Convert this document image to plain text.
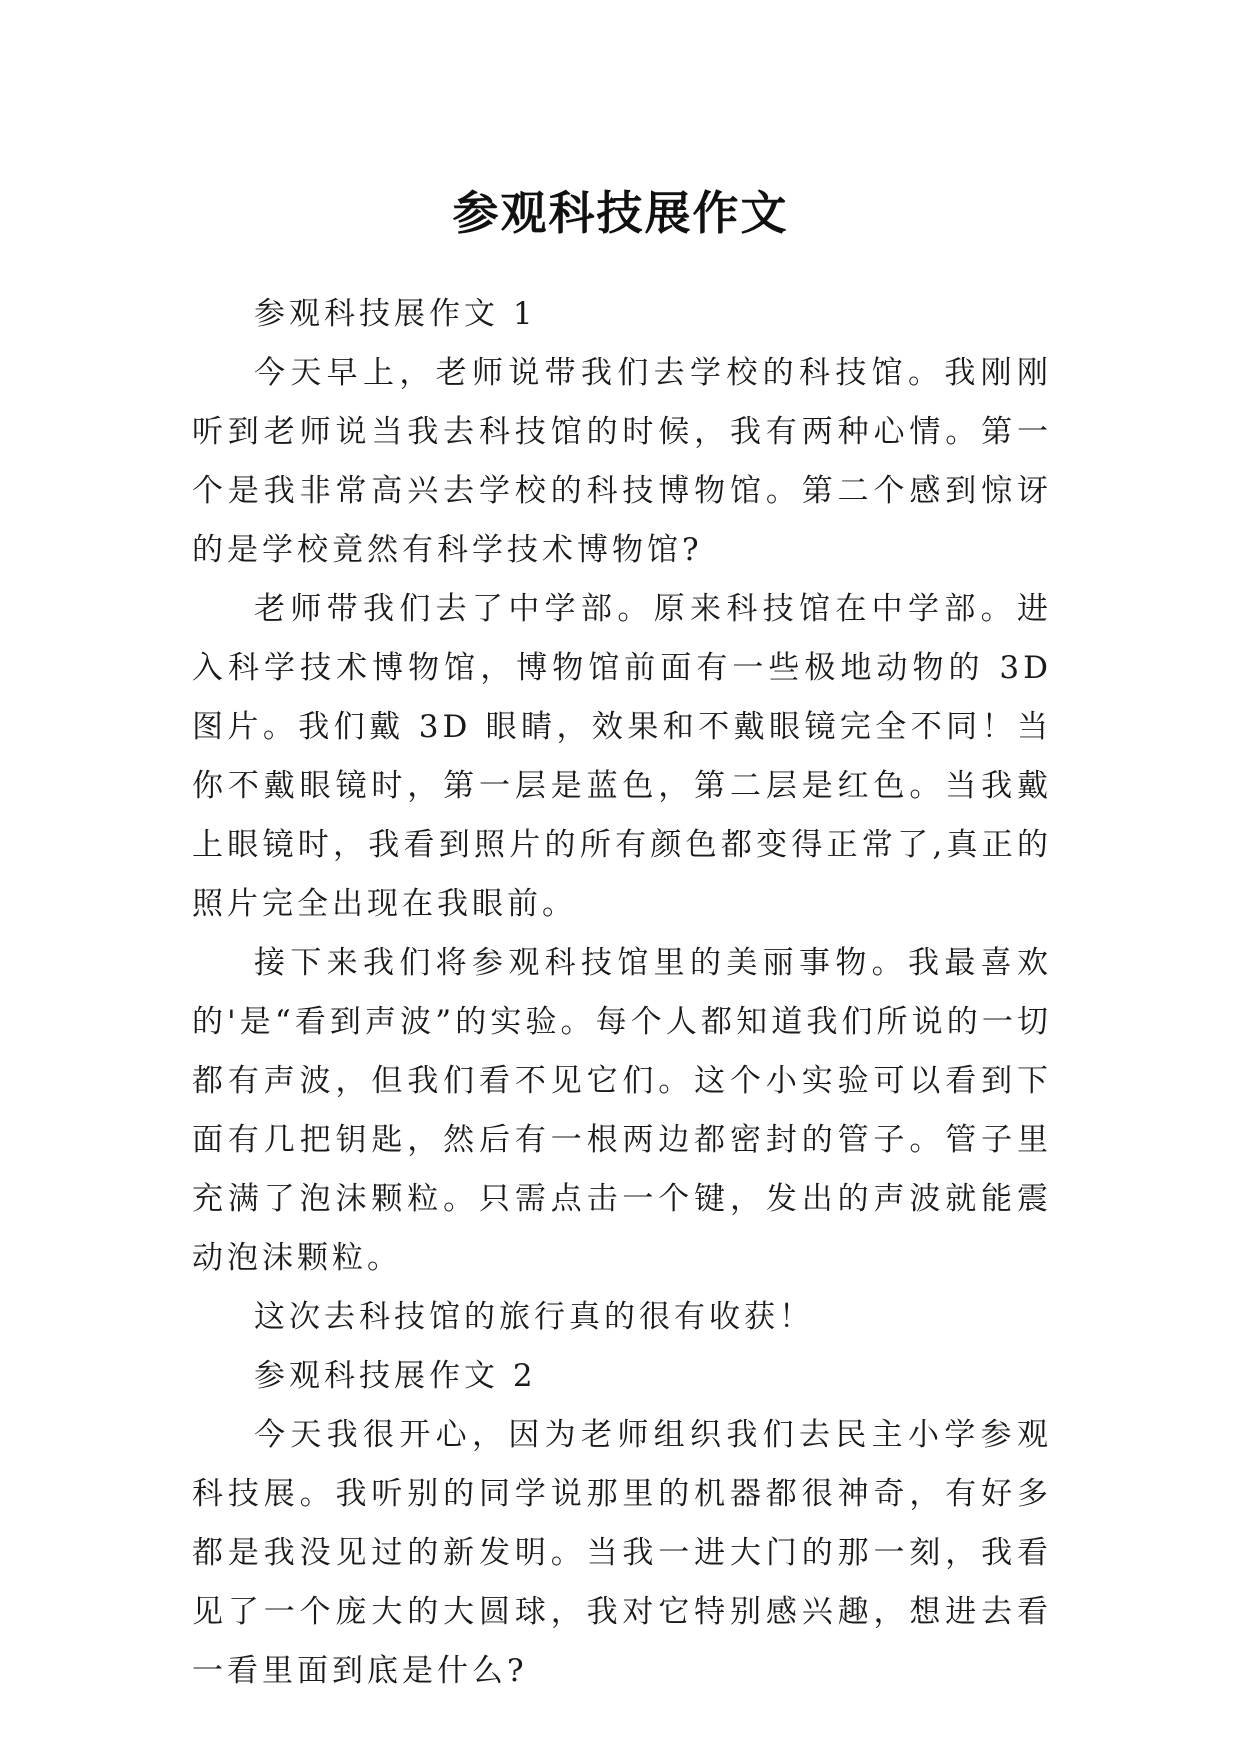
参观科技展作文

参观科技展作文 1

今天早上，老师说带我们去学校的科技馆。我刚刚听到老师说当我去科技馆的时候，我有两种心情。第一个是我非常高兴去学校的科技博物馆。第二个感到惊讶的是学校竟然有科学技术博物馆?

老师带我们去了中学部。原来科技馆在中学部。进入科学技术博物馆，博物馆前面有一些极地动物的 3D 图片。我们戴 3D 眼睛，效果和不戴眼镜完全不同！当你不戴眼镜时，第一层是蓝色，第二层是红色。当我戴上眼镜时，我看到照片的所有颜色都变得正常了,真正的照片完全出现在我眼前。

接下来我们将参观科技馆里的美丽事物。我最喜欢的'是“看到声波”的实验。每个人都知道我们所说的一切都有声波，但我们看不见它们。这个小实验可以看到下面有几把钥匙，然后有一根两边都密封的管子。管子里充满了泡沫颗粒。只需点击一个键，发出的声波就能震动泡沫颗粒。

这次去科技馆的旅行真的很有收获！

参观科技展作文 2

今天我很开心，因为老师组织我们去民主小学参观科技展。我听别的同学说那里的机器都很神奇，有好多都是我没见过的新发明。当我一进大门的那一刻，我看见了一个庞大的大圆球，我对它特别感兴趣，想进去看一看里面到底是什么?
